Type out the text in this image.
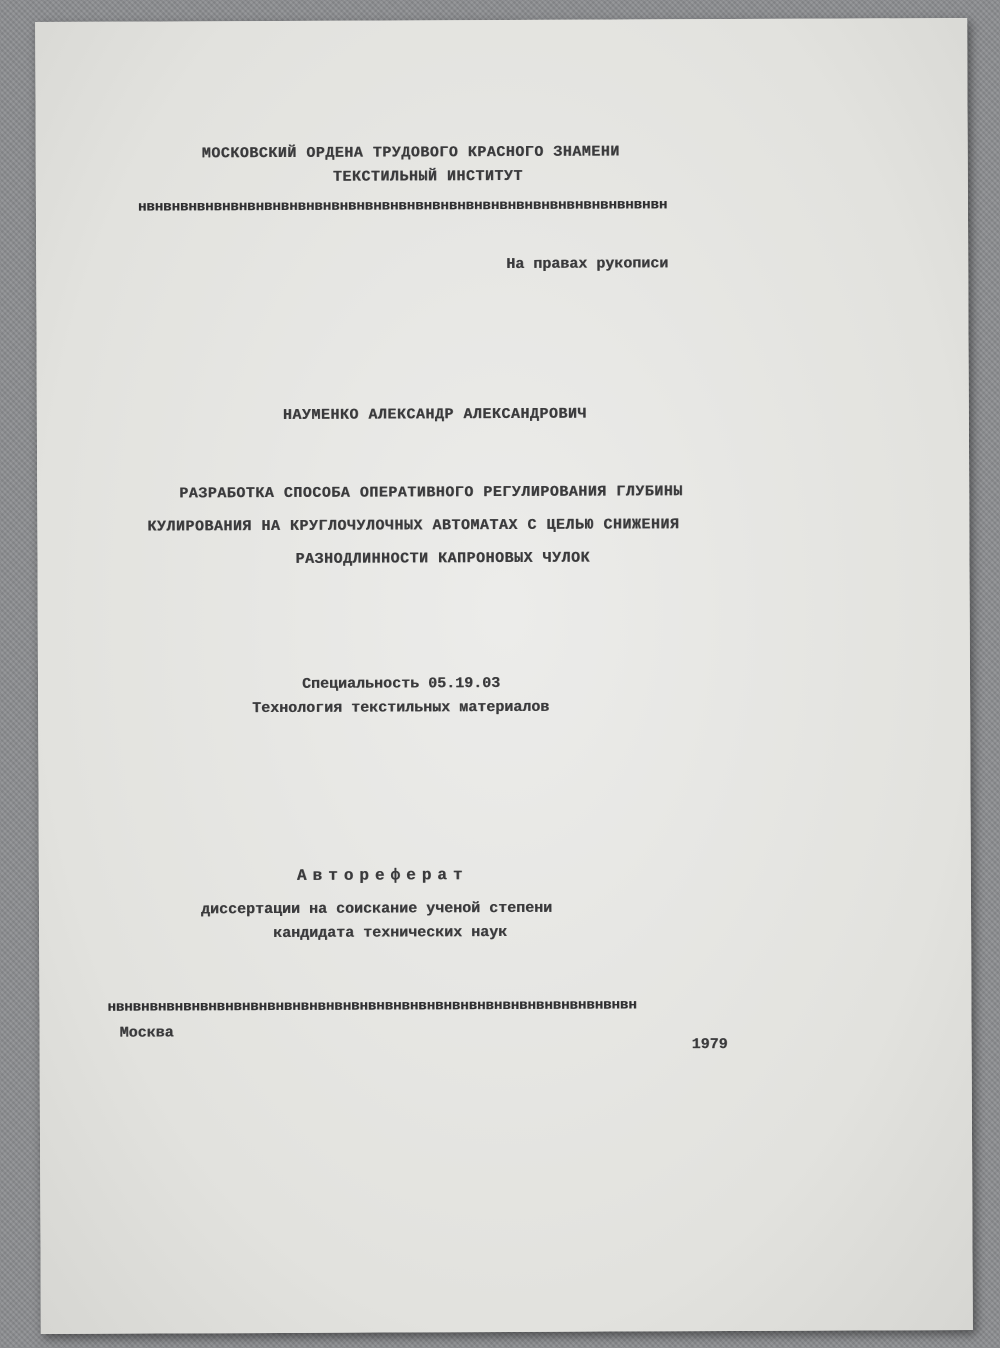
МОСКОВСКИЙ ОРДЕНА ТРУДОВОГО КРАСНОГО ЗНАМЕНИ
ТЕКСТИЛЬНЫЙ ИНСТИТУТ
нвнвнвнвнвнвнвнвнвнвнвнвнвнвнвнвнвнвнвнвнвнвнвнвнвнвнвнвнвнвнвн
На правах рукописи
НАУМЕНКО АЛЕКСАНДР АЛЕКСАНДРОВИЧ
РАЗРАБОТКА СПОСОБА ОПЕРАТИВНОГО РЕГУЛИРОВАНИЯ ГЛУБИНЫ
КУЛИРОВАНИЯ НА КРУГЛОЧУЛОЧНЫХ АВТОМАТАХ С ЦЕЛЬЮ СНИЖЕНИЯ
РАЗНОДЛИННОСТИ КАПРОНОВЫХ ЧУЛОК
Специальность 05.19.03
Технология текстильных материалов
Автореферат
диссертации на соискание ученой степени
кандидата технических наук
нвнвнвнвнвнвнвнвнвнвнвнвнвнвнвнвнвнвнвнвнвнвнвнвнвнвнвнвнвнвнвн
Москва
1979
